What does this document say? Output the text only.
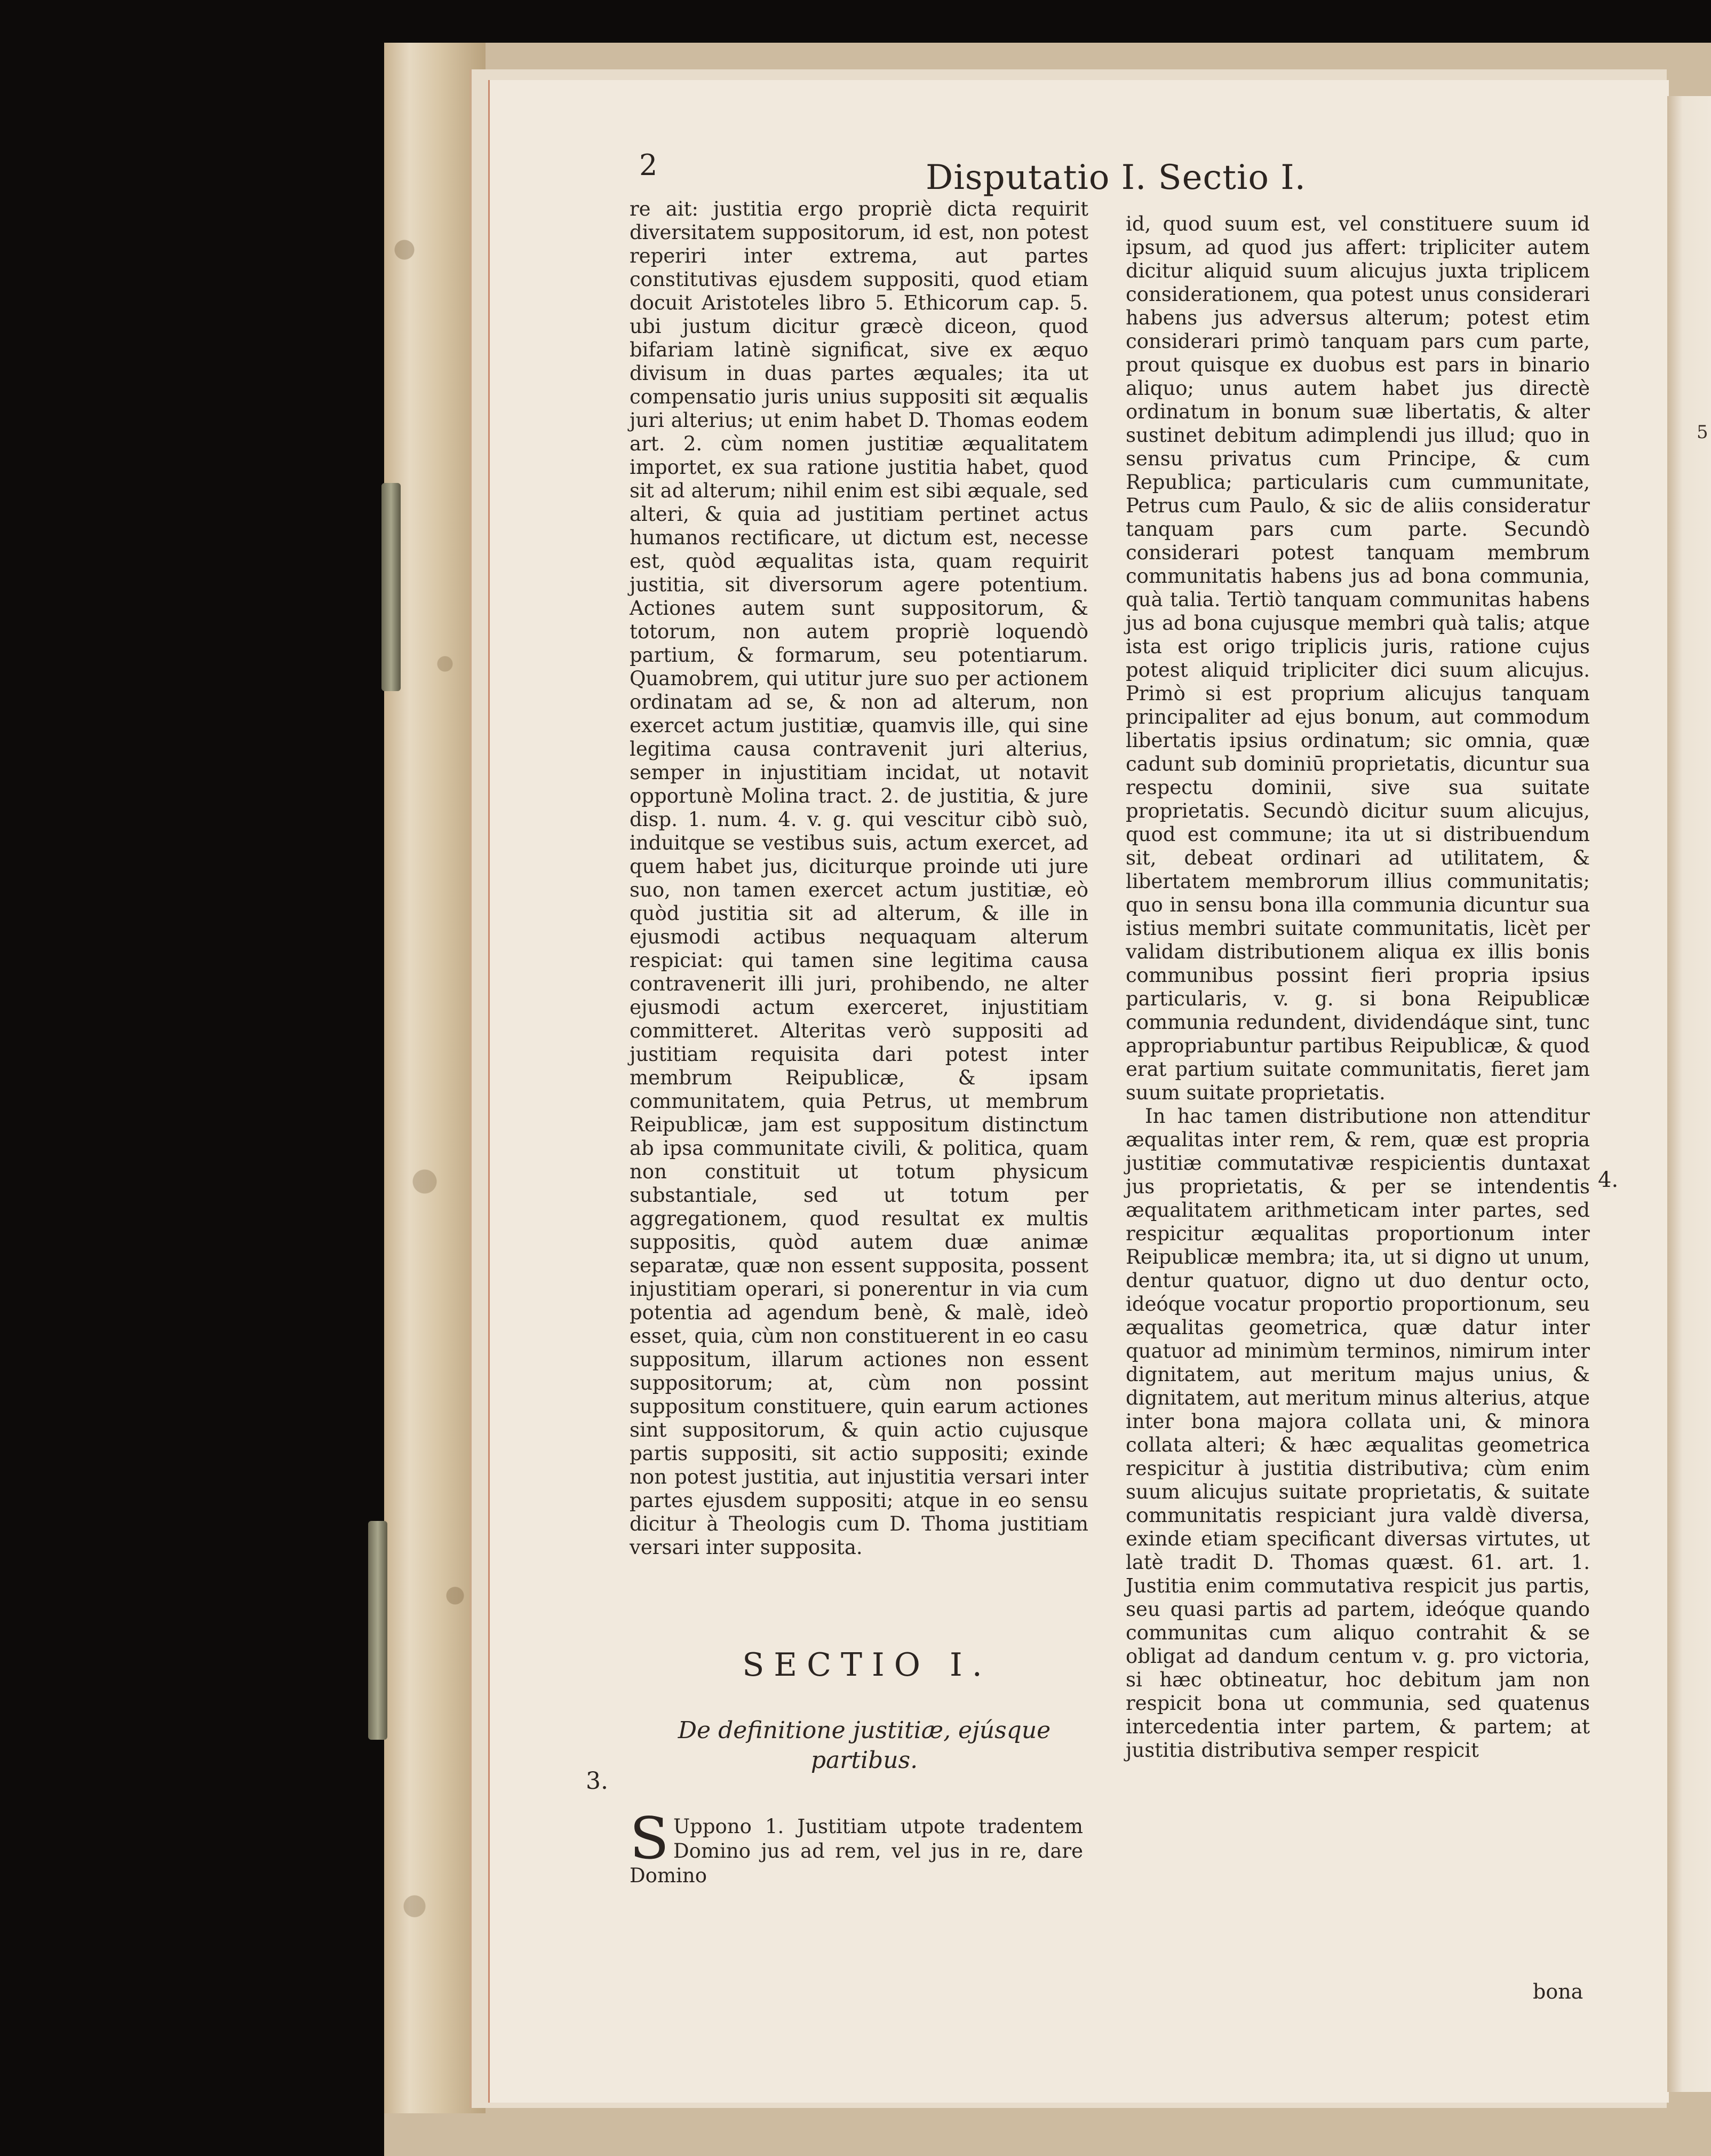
2	Disputatio I. Sectio I.

re ait: justitia ergo propriè dicta requirit diversitatem suppositorum, id est, non potest reperiri inter extrema, aut partes constitutivas ejusdem suppositi, quod etiam docuit Aristoteles libro 5. Ethicorum cap. 5. ubi justum dicitur græcè diceon, quod bifariam latinè significat, sive ex æquo divisum in duas partes æquales; ita ut compensatio juris unius suppositi sit æqualis juri alterius; ut enim habet D. Thomas eodem art. 2. cùm nomen justitiæ æqualitatem importet, ex sua ratione justitia habet, quod sit ad alterum; nihil enim est sibi æquale, sed alteri, & quia ad justitiam pertinet actus humanos rectificare, ut dictum est, necesse est, quòd æqualitas ista, quam requirit justitia, sit diversorum agere potentium. Actiones autem sunt suppositorum, & totorum, non autem propriè loquendò partium, & formarum, seu potentiarum. Quamobrem, qui utitur jure suo per actionem ordinatam ad se, & non ad alterum, non exercet actum justitiæ, quamvis ille, qui sine legitima causa contravenit juri alterius, semper in injustitiam incidat, ut notavit opportunè Molina tract. 2. de justitia, & jure disp. 1. num. 4. v. g. qui vescitur cibò suò, induitque se vestibus suis, actum exercet, ad quem habet jus, diciturque proinde uti jure suo, non tamen exercet actum justitiæ, eò quòd justitia sit ad alterum, & ille in ejusmodi actibus nequaquam alterum respiciat: qui tamen sine legitima causa contravenerit illi juri, prohibendo, ne alter ejusmodi actum exerceret, injustitiam committeret. Alteritas verò suppositi ad justitiam requisita dari potest inter membrum Reipublicæ, & ipsam communitatem, quia Petrus, ut membrum Reipublicæ, jam est suppositum distinctum ab ipsa communitate civili, & politica, quam non constituit ut totum physicum substantiale, sed ut totum per aggregationem, quod resultat ex multis suppositis, quòd autem duæ animæ separatæ, quæ non essent supposita, possent injustitiam operari, si ponerentur in via cum potentia ad agendum benè, & malè, ideò esset, quia, cùm non constituerent in eo casu suppositum, illarum actiones non essent suppositorum; at, cùm non possint suppositum constituere, quin earum actiones sint suppositorum, & quin actio cujusque partis suppositi, sit actio suppositi; exinde non potest justitia, aut injustitia versari inter partes ejusdem suppositi; atque in eo sensu dicitur à Theologis cum D. Thoma justitiam versari inter supposita.

SECTIO I.
De definitione justitiæ, ejúsque partibus.
3.
S Uppono 1. Justitiam utpote tradentem Domino jus ad rem, vel jus in re, dare Domino

id, quod suum est, vel constituere suum id ipsum, ad quod jus affert: tripliciter autem dicitur aliquid suum alicujus juxta triplicem considerationem, qua potest unus considerari habens jus adversus alterum; potest etim considerari primò tanquam pars cum parte, prout quisque ex duobus est pars in binario aliquo; unus autem habet jus directè ordinatum in bonum suæ libertatis, & alter sustinet debitum adimplendi jus illud; quo in sensu privatus cum Principe, & cum Republica; particularis cum cummunitate, Petrus cum Paulo, & sic de aliis consideratur tanquam pars cum parte. Secundò considerari potest tanquam membrum communitatis habens jus ad bona communia, quà talia. Tertiò tanquam communitas habens jus ad bona cujusque membri quà talis; atque ista est origo triplicis juris, ratione cujus potest aliquid tripliciter dici suum alicujus. Primò si est proprium alicujus tanquam principaliter ad ejus bonum, aut commodum libertatis ipsius ordinatum; sic omnia, quæ cadunt sub dominiū proprietatis, dicuntur sua respectu dominii, sive sua suitate proprietatis. Secundò dicitur suum alicujus, quod est commune; ita ut si distribuendum sit, debeat ordinari ad utilitatem, & libertatem membrorum illius communitatis; quo in sensu bona illa communia dicuntur sua istius membri suitate communitatis, licèt per validam distributionem aliqua ex illis bonis communibus possint fieri propria ipsius particularis, v. g. si bona Reipublicæ communia redundent, dividendáque sint, tunc appropriabuntur partibus Reipublicæ, & quod erat partium suitate communitatis, fieret jam suum suitate proprietatis.

In hac tamen distributione non attenditur æqualitas inter rem, & rem, quæ est propria justitiæ commutativæ respicientis duntaxat jus proprietatis, & per se intendentis æqualitatem arithmeticam inter partes, sed respicitur æqualitas proportionum inter Reipublicæ membra; ita, ut si digno ut unum, dentur quatuor, digno ut duo dentur octo, ideóque vocatur proportio proportionum, seu æqualitas geometrica, quæ datur inter quatuor ad minimùm terminos, nimirum inter dignitatem, aut meritum majus unius, & dignitatem, aut meritum minus alterius, atque inter bona majora collata uni, & minora collata alteri; & hæc æqualitas geometrica respicitur à justitia distributiva; cùm enim suum alicujus suitate proprietatis, & suitate communitatis respiciant jura valdè diversa, exinde etiam specificant diversas virtutes, ut latè tradit D. Thomas quæst. 61. art. 1. Justitia enim commutativa respicit jus partis, seu quasi partis ad partem, ideóque quando communitas cum aliquo contrahit & se obligat ad dandum centum v. g. pro victoria, si hæc obtineatur, hoc debitum jam non respicit bona ut communia, sed quatenus intercedentia inter partem, & partem; at justitia distributiva semper respicit

4.
5
bona
